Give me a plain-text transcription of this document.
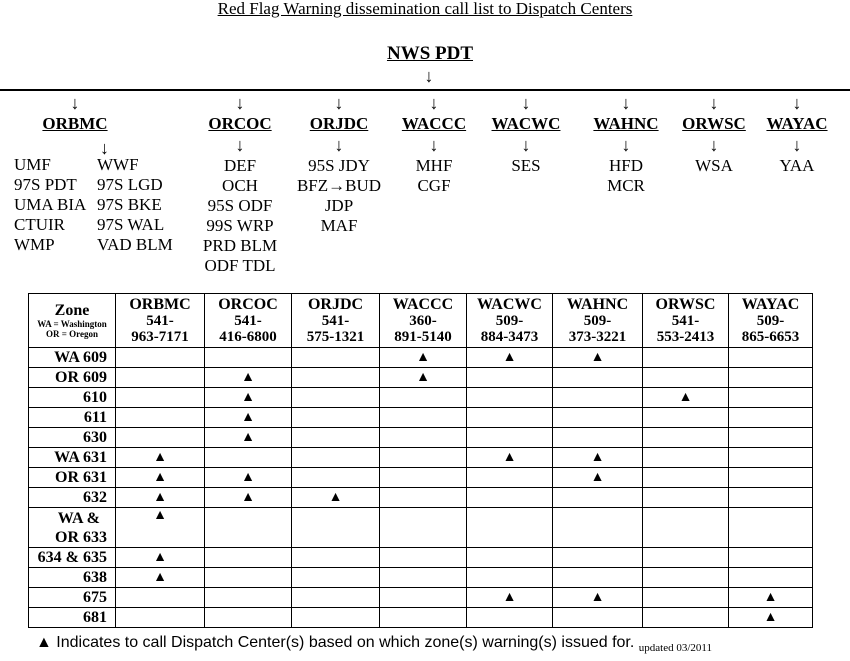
Red Flag Warning dissemination call list to Dispatch Centers
NWS PDT
↓
↓
ORBMC
↓
UMF
97S PDT
UMA BIA
CTUIR
WMP
WWF
97S LGD
97S BKE
97S WAL
VAD BLM
↓
ORCOC
↓
DEF
OCH
95S ODF
99S WRP
PRD BLM
ODF TDL
↓
ORJDC
↓
95S JDY
BFZ→BUD
JDP
MAF
↓
WACCC
↓
MHF
CGF
↓
WACWC
↓
SES
↓
WAHNC
↓
HFD
MCR
↓
ORWSC
↓
WSA
↓
WAYAC
↓
YAA
Zone
WA = Washington
OR = Oregon	ORBMC
541-
963-7171	ORCOC
541-
416-6800	ORJDC
541-
575-1321	WACCC
360-
891-5140	WACWC
509-
884-3473	WAHNC
509-
373-3221	ORWSC
541-
553-2413	WAYAC
509-
865-6653

WA 609				▲	▲	▲		

OR 609		▲		▲				

610		▲					▲	

611		▲						

630		▲						

WA 631	▲				▲	▲		

OR 631	▲	▲				▲		

632	▲	▲	▲					

WA &
OR 633	▲							

634 & 635	▲							

638	▲							

675					▲	▲		▲

681								▲
▲ Indicates to call Dispatch Center(s) based on which zone(s) warning(s) issued for. $_{updated 03/2011}$
